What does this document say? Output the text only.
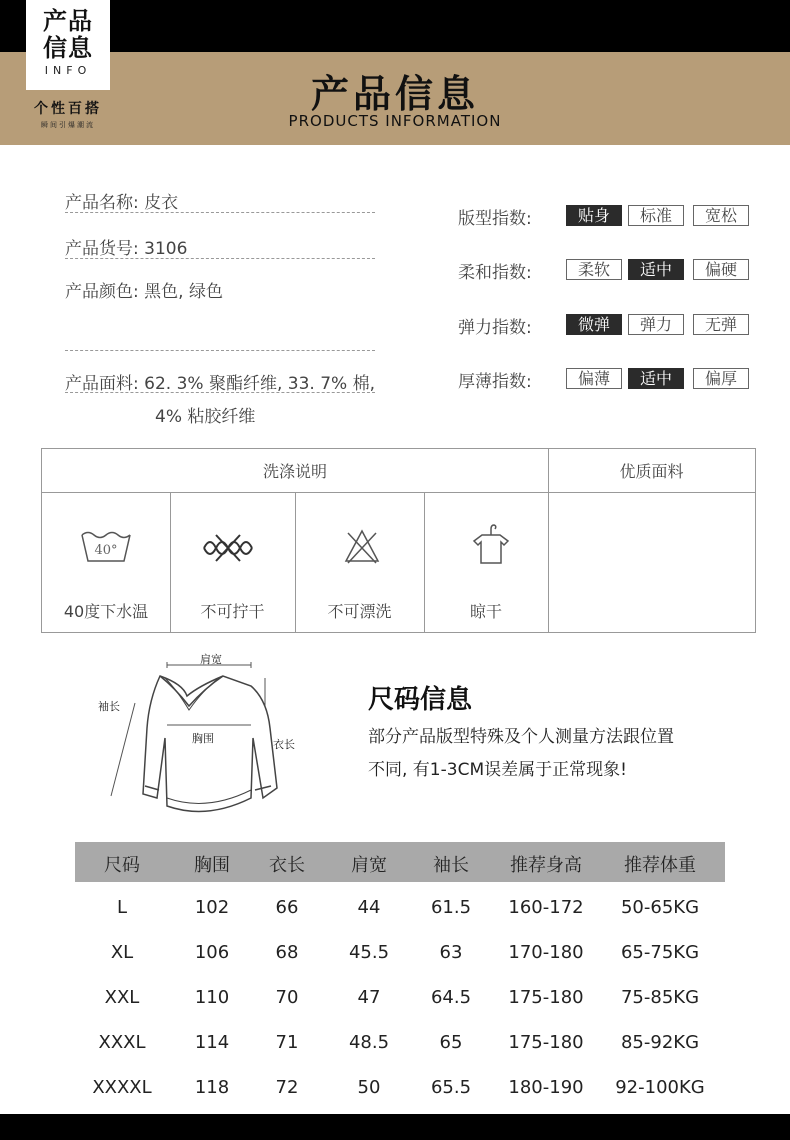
产品
信息
INFO
个性百搭
瞬间引爆潮流
产品信息
PRODUCTS INFORMATION
产品名称: 皮衣
产品货号: 3106
产品颜色: 黑色, 绿色
产品面料: 62. 3% 聚酯纤维, 33. 7% 棉,
4% 粘胶纤维
版型指数:	贴身	标准	宽松
柔和指数:	柔软	适中	偏硬
弹力指数:	微弹	弹力	无弹
厚薄指数:	偏薄	适中	偏厚
洗涤说明	优质面料
40°
40度下水温	不可拧干	不可漂洗	晾干
肩宽
袖长
胸围	衣长
尺码信息
部分产品版型特殊及个人测量方法跟位置
不同, 有1-3CM误差属于正常现象!
尺码	胸围	衣长	肩宽	袖长	推荐身高	推荐体重
L	102	66	44	61.5	160-172	50-65KG
XL	106	68	45.5	63	170-180	65-75KG
XXL	110	70	47	64.5	175-180	75-85KG
XXXL	114	71	48.5	65	175-180	85-92KG
XXXXL	118	72	50	65.5	180-190	92-100KG
